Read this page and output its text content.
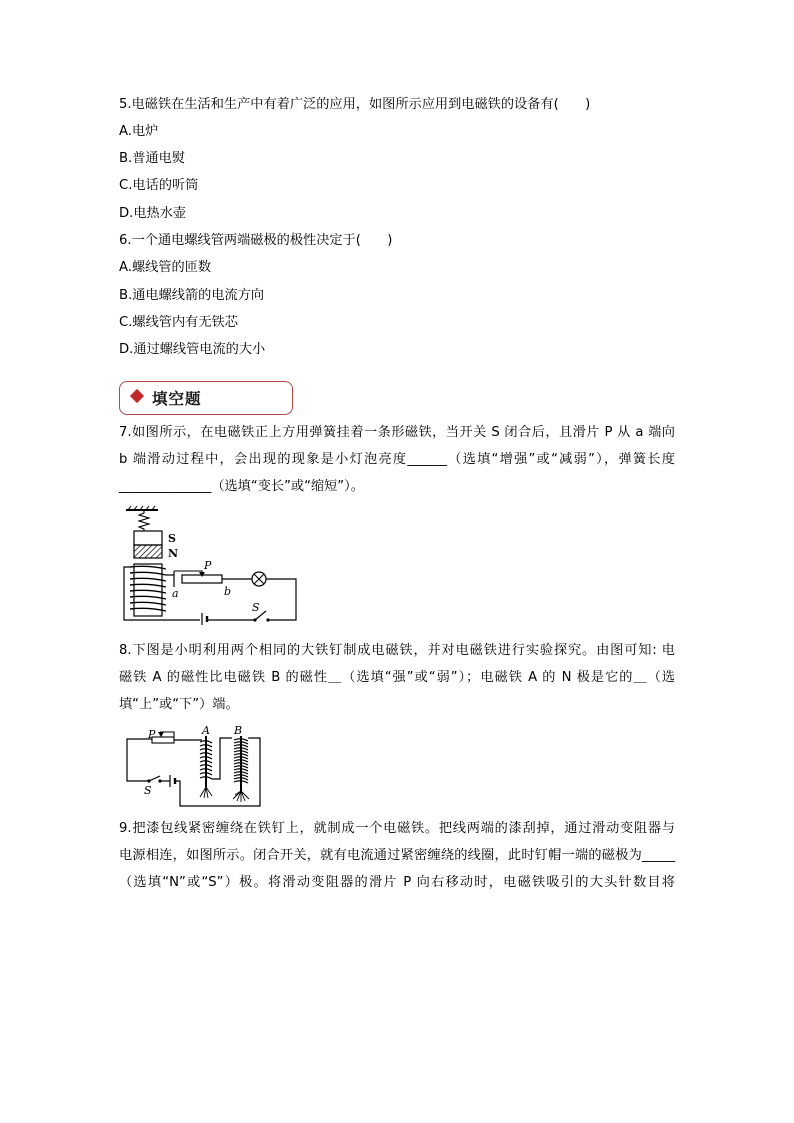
5.电磁铁在生活和生产中有着广泛的应用，如图所示应用到电磁铁的设备有(　　)
A.电炉
B.普通电熨
C.电话的听筒
D.电热水壶
6.一个通电螺线管两端磁极的极性决定于(　　)
A.螺线管的匝数
B.通电螺线箭的电流方向
C.螺线管内有无铁芯
D.通过螺线管电流的大小
填空题
7.如图所示，在电磁铁正上方用弹簧挂着一条形磁铁，当开关 S 闭合后，且滑片 P 从 a 端向
b 端滑动过程中，会出现的现象是小灯泡亮度______（选填“增强”或“减弱”），弹簧长度
______________（选填“变长”或“缩短”）。
S
N
P
a	b
S
8.下图是小明利用两个相同的大铁钉制成电磁铁，并对电磁铁进行实验探究。由图可知: 电
磁铁 A 的磁性比电磁铁 B 的磁性＿（选填“强”或“弱”）；电磁铁 A 的 N 极是它的＿（选
填“上”或“下”）端。
S
P	A B
9.把漆包线紧密缠绕在铁钉上，就制成一个电磁铁。把线两端的漆刮掉，通过滑动变阻器与
电源相连，如图所示。闭合开关，就有电流通过紧密缠绕的线圈，此时钉帽一端的磁极为_____
（选填“N”或“S”）极。将滑动变阻器的滑片 P 向右移动时，电磁铁吸引的大头针数目将
